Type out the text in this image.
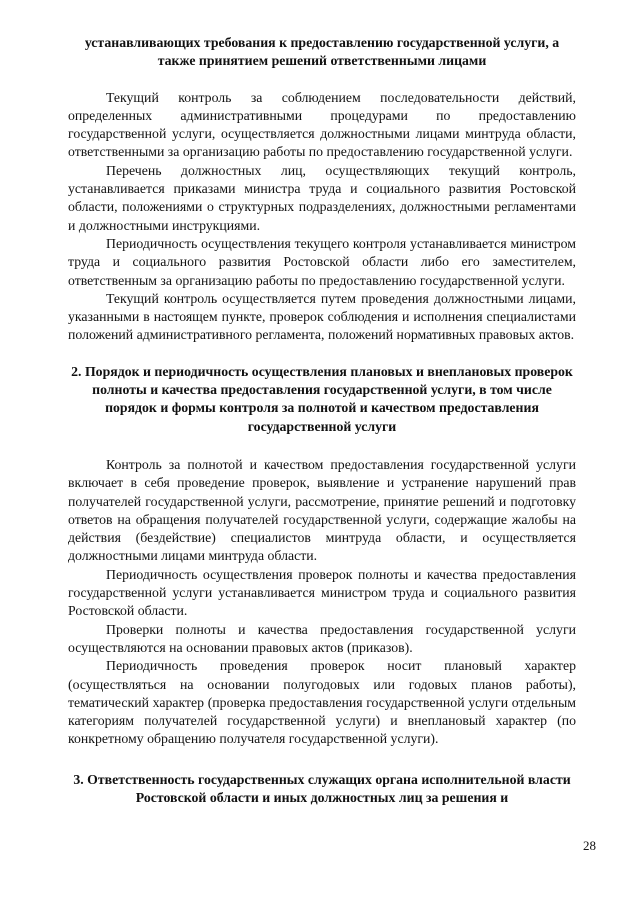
устанавливающих требования к предоставлению государственной услуги, а также принятием решений ответственными лицами

Текущий контроль за соблюдением последовательности действий, определенных административными процедурами по предоставлению государственной услуги, осуществляется должностными лицами минтруда области, ответственными за организацию работы по предоставлению государственной услуги.

Перечень должностных лиц, осуществляющих текущий контроль, устанавливается приказами министра труда и социального развития Ростовской области, положениями о структурных подразделениях, должностными регламентами и должностными инструкциями.

Периодичность осуществления текущего контроля устанавливается министром труда и социального развития Ростовской области либо его заместителем, ответственным за организацию работы по предоставлению государственной услуги.

Текущий контроль осуществляется путем проведения должностными лицами, указанными в настоящем пункте, проверок соблюдения и исполнения специалистами положений административного регламента, положений нормативных правовых актов.

2. Порядок и периодичность осуществления плановых и внеплановых проверок полноты и качества предоставления государственной услуги, в том числе порядок и формы контроля за полнотой и качеством предоставления государственной услуги

Контроль за полнотой и качеством предоставления государственной услуги включает в себя проведение проверок, выявление и устранение нарушений прав получателей государственной услуги, рассмотрение, принятие решений и подготовку ответов на обращения получателей государственной услуги, содержащие жалобы на действия (бездействие) специалистов минтруда области, и осуществляется должностными лицами минтруда области.

Периодичность осуществления проверок полноты и качества предоставления государственной услуги устанавливается министром труда и социального развития Ростовской области.

Проверки полноты и качества предоставления государственной услуги осуществляются на основании правовых актов (приказов).

Периодичность проведения проверок носит плановый характер (осуществляться на основании полугодовых или годовых планов работы), тематический характер (проверка предоставления государственной услуги отдельным категориям получателей государственной услуги) и внеплановый характер (по конкретному обращению получателя государственной услуги).

3. Ответственность государственных служащих органа исполнительной власти Ростовской области и иных должностных лиц за решения и

28
